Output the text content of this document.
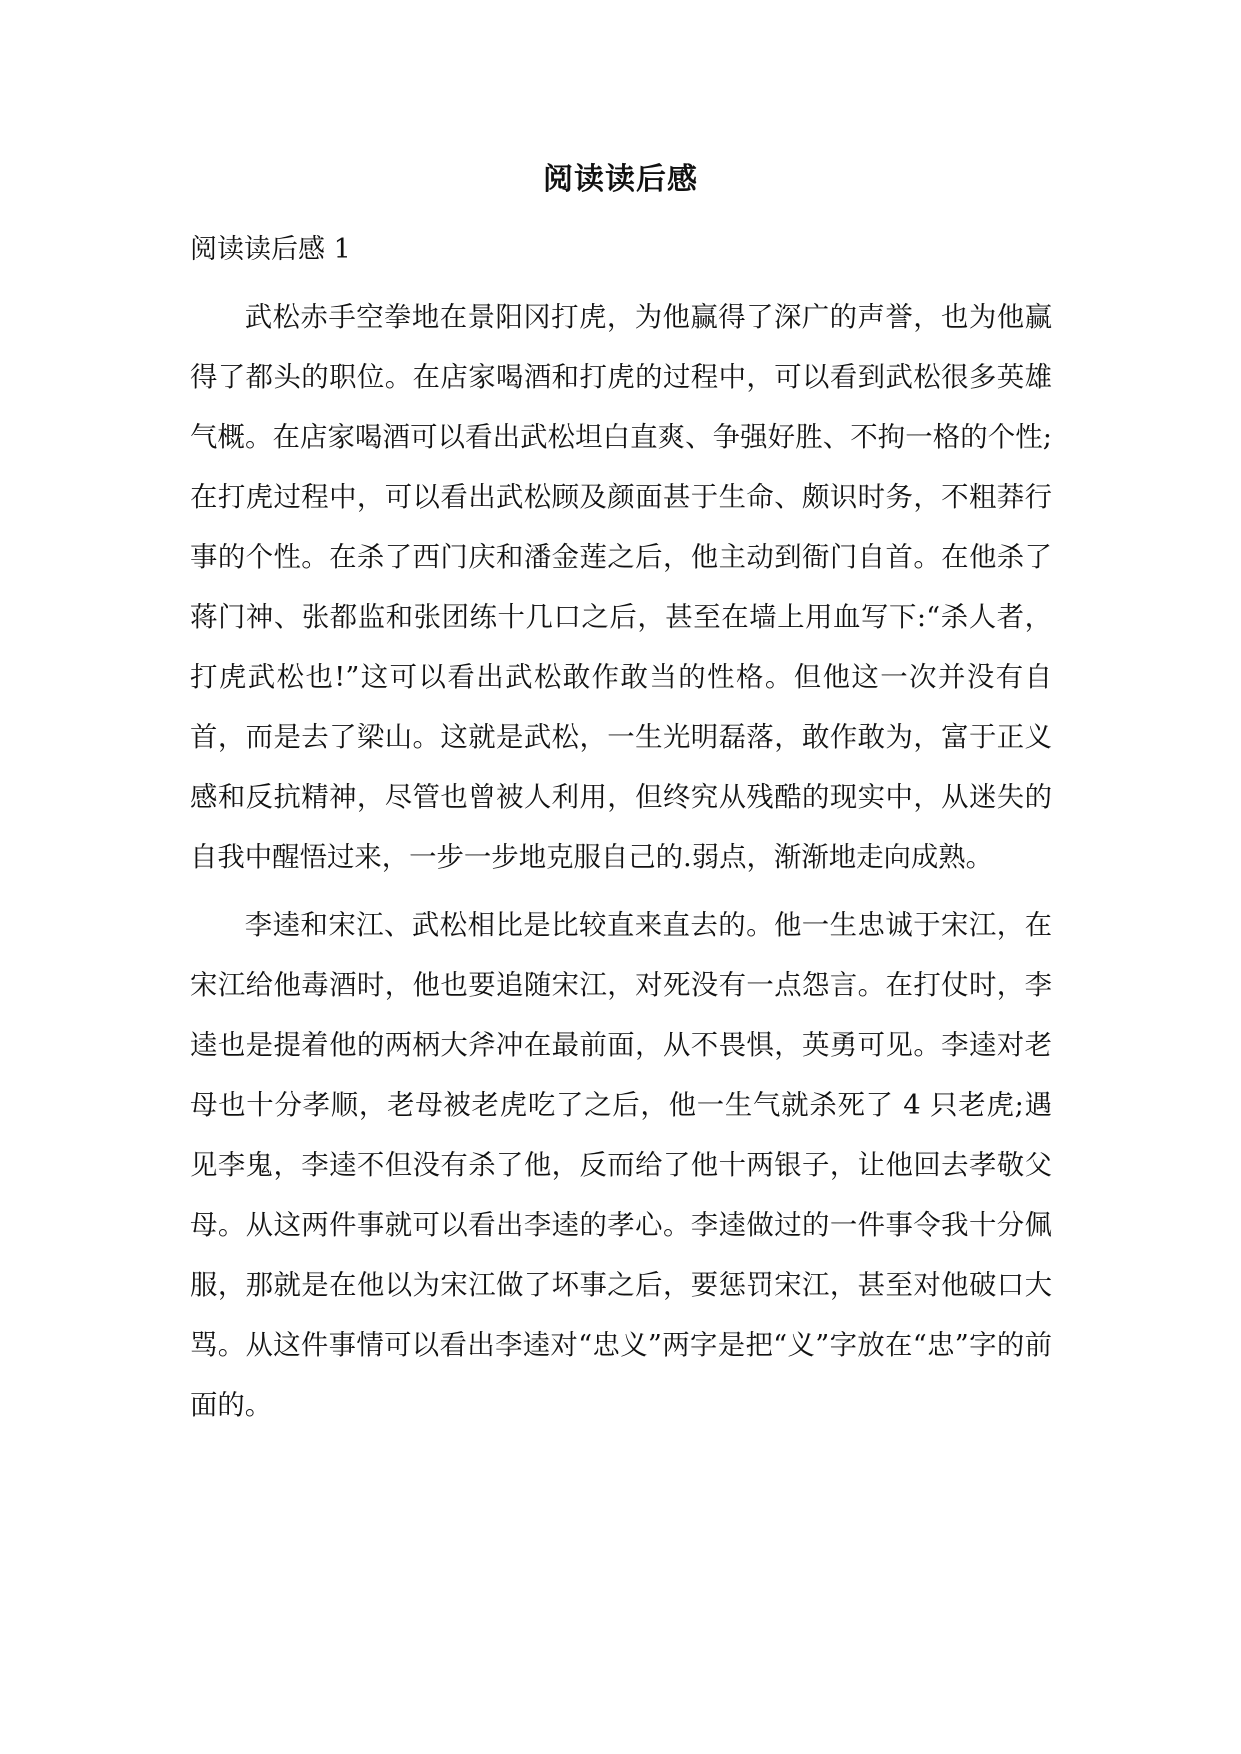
阅读读后感
阅读读后感 1

武松赤手空拳地在景阳冈打虎，为他赢得了深广的声誉，也为他赢得了都头的职位。在店家喝酒和打虎的过程中，可以看到武松很多英雄气概。在店家喝酒可以看出武松坦白直爽、争强好胜、不拘一格的个性;在打虎过程中，可以看出武松顾及颜面甚于生命、颇识时务，不粗莽行事的个性。在杀了西门庆和潘金莲之后，他主动到衙门自首。在他杀了蒋门神、张都监和张团练十几口之后，甚至在墙上用血写下:“杀人者，打虎武松也!”这可以看出武松敢作敢当的性格。但他这一次并没有自首，而是去了梁山。这就是武松，一生光明磊落，敢作敢为，富于正义感和反抗精神，尽管也曾被人利用，但终究从残酷的现实中，从迷失的自我中醒悟过来，一步一步地克服自己的.弱点，渐渐地走向成熟。

李逵和宋江、武松相比是比较直来直去的。他一生忠诚于宋江，在宋江给他毒酒时，他也要追随宋江，对死没有一点怨言。在打仗时，李逵也是提着他的两柄大斧冲在最前面，从不畏惧，英勇可见。李逵对老母也十分孝顺，老母被老虎吃了之后，他一生气就杀死了 4 只老虎;遇见李鬼，李逵不但没有杀了他，反而给了他十两银子，让他回去孝敬父母。从这两件事就可以看出李逵的孝心。李逵做过的一件事令我十分佩服，那就是在他以为宋江做了坏事之后，要惩罚宋江，甚至对他破口大骂。从这件事情可以看出李逵对“忠义”两字是把“义”字放在“忠”字的前面的。
